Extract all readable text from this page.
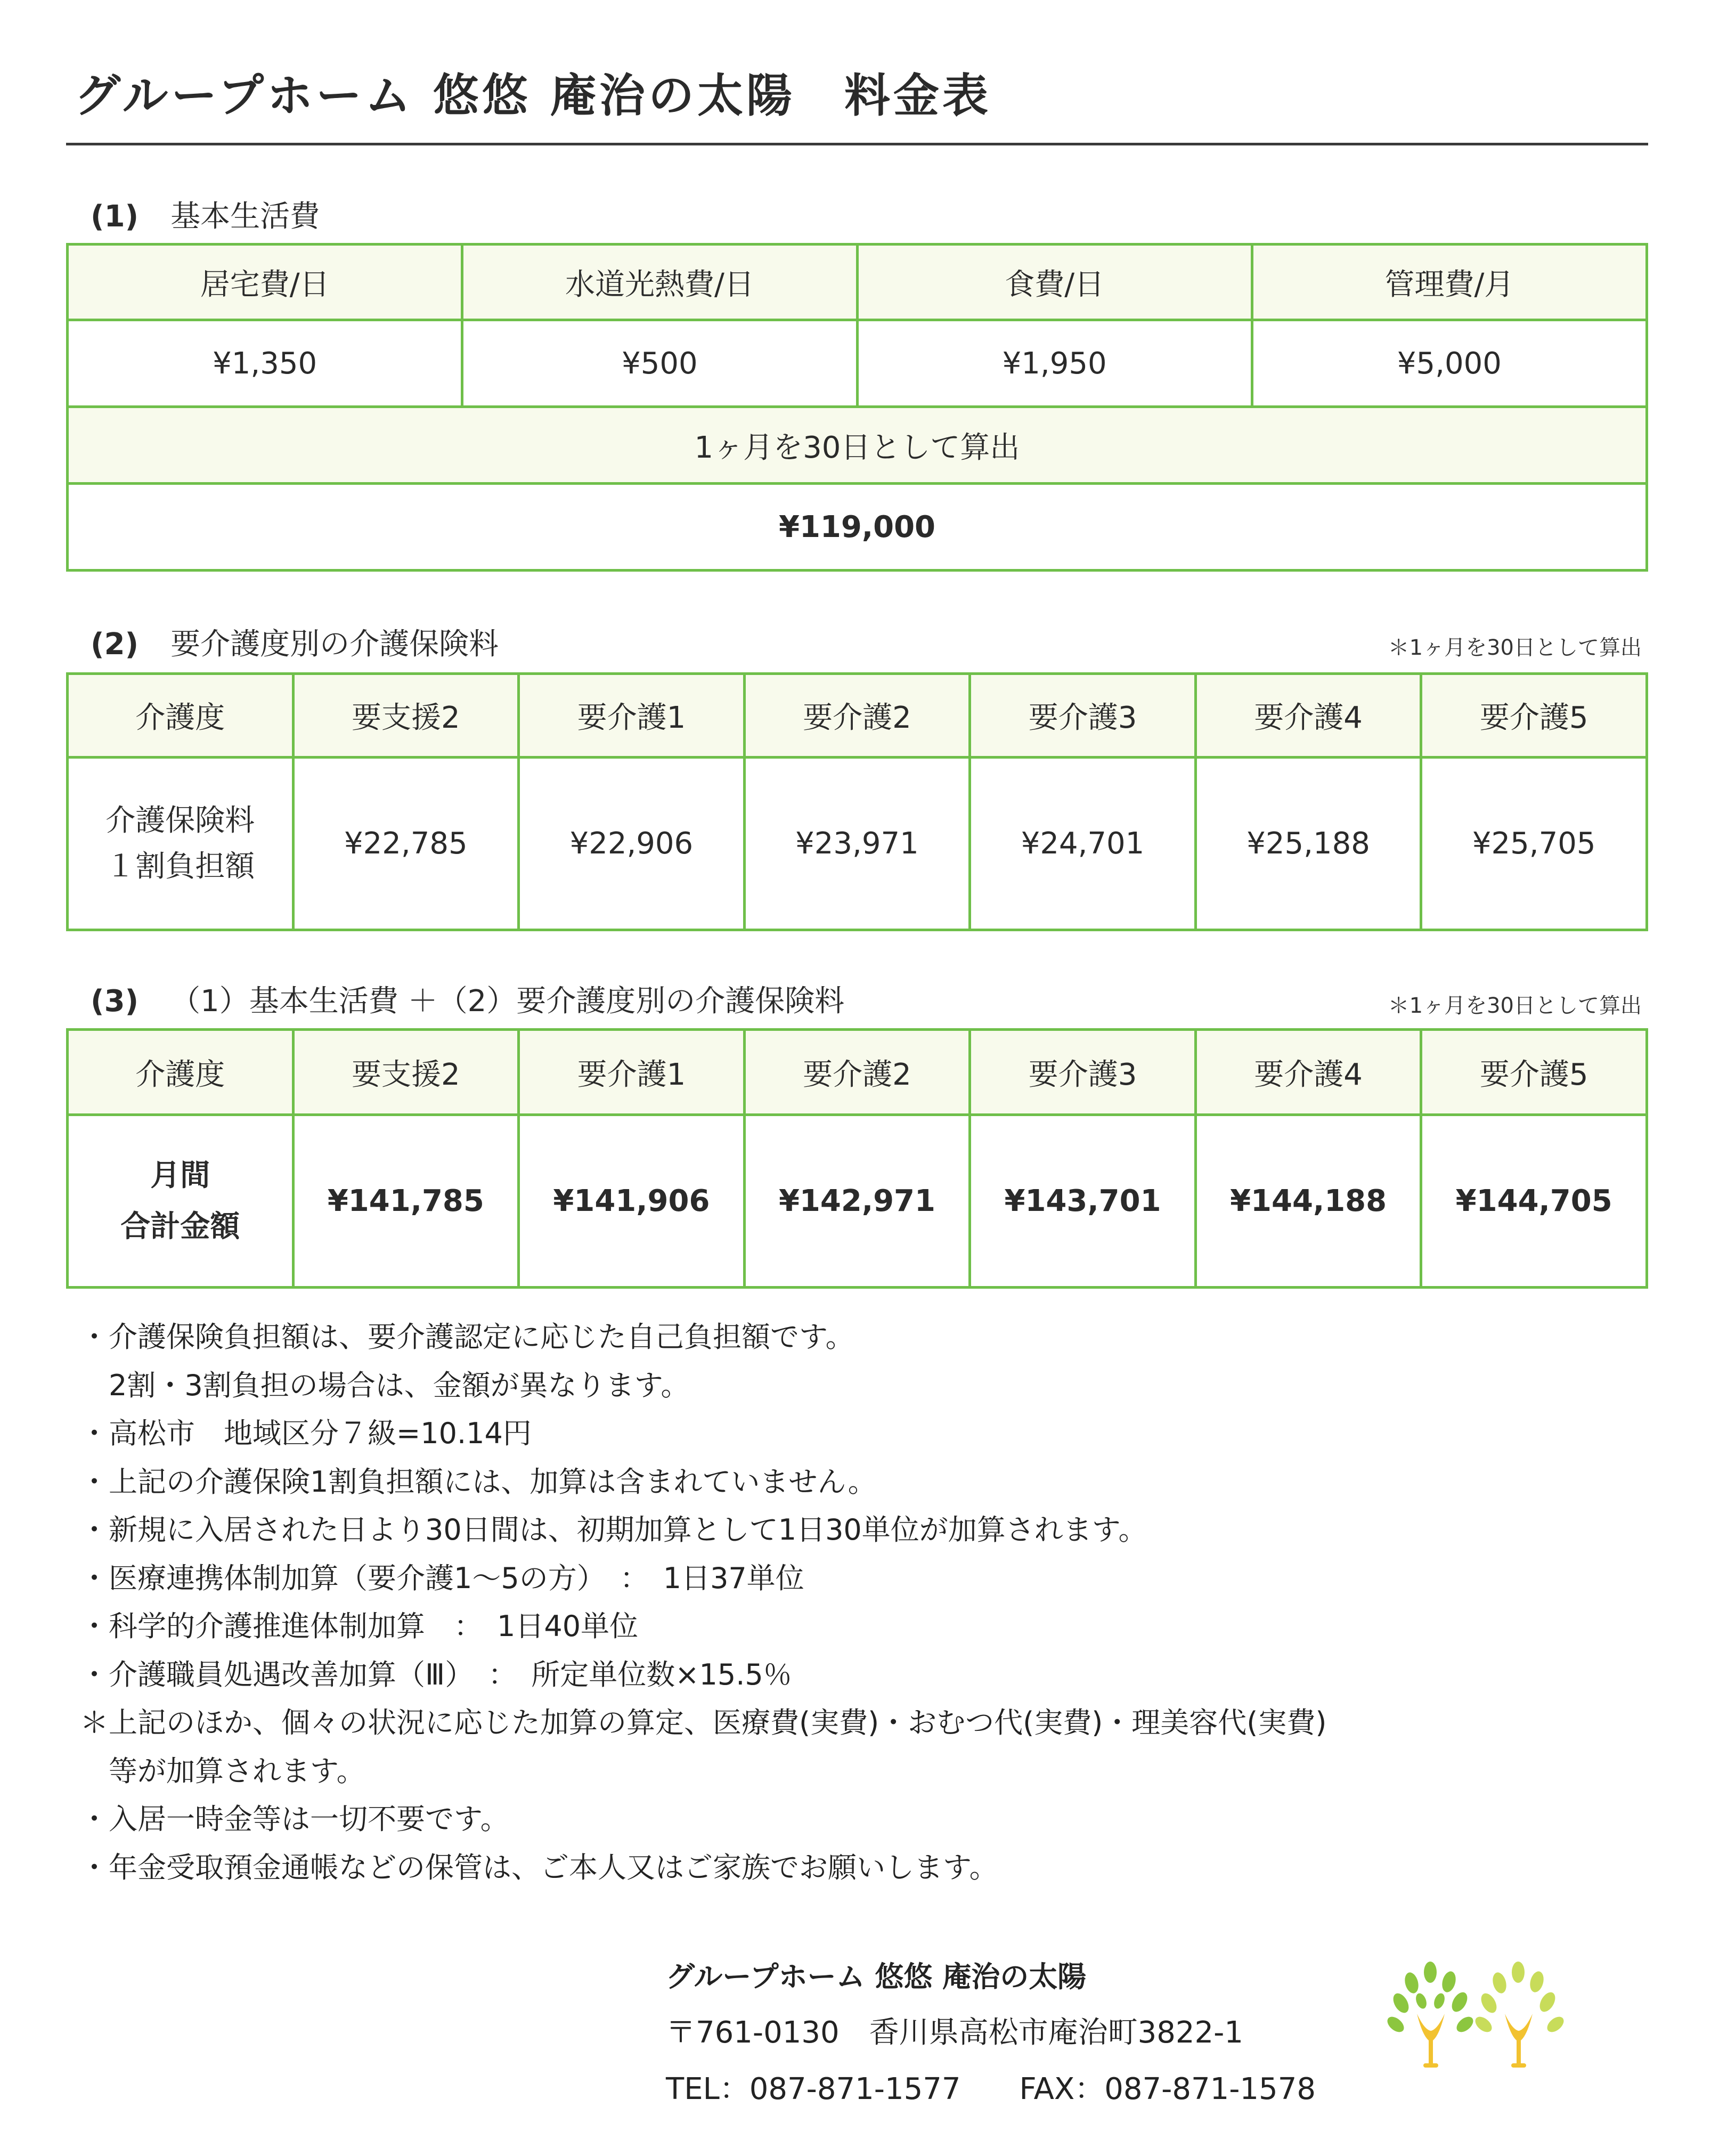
グループホーム 悠悠 庵治の太陽　料金表
(1) 基本生活費
居宅費/日	水道光熱費/日	食費/日	管理費/月
¥1,350	¥500	¥1,950	¥5,000
1ヶ月を30日として算出			
¥119,000			
(2) 要介護度別の介護保険料	＊1ヶ月を30日として算出
介護度	要支援2	要介護1	要介護2	要介護3	要介護4	要介護5

介護保険料
１割負担額	¥22,785	¥22,906	¥23,971	¥24,701	¥25,188	¥25,705
(3) （1）基本生活費 ＋（2）要介護度別の介護保険料	＊1ヶ月を30日として算出
介護度	要支援2	要介護1	要介護2	要介護3	要介護4	要介護5

月間
合計金額	¥141,785	¥141,906	¥142,971	¥143,701	¥144,188	¥144,705
・介護保険負担額は、要介護認定に応じた自己負担額です。
　2割・3割負担の場合は、金額が異なります。
・高松市　地域区分７級=10.14円
・上記の介護保険1割負担額には、加算は含まれていません。
・新規に入居された日より30日間は、初期加算として1日30単位が加算されます。
・医療連携体制加算（要介護1～5の方）　：　1日37単位
・科学的介護推進体制加算　：　1日40単位
・介護職員処遇改善加算（Ⅲ）　：　所定単位数×15.5％
＊上記のほか、個々の状況に応じた加算の算定、医療費(実費)・おむつ代(実費)・理美容代(実費)
　等が加算されます。
・入居一時金等は一切不要です。
・年金受取預金通帳などの保管は、ご本人又はご家族でお願いします。
グループホーム 悠悠 庵治の太陽
〒761-0130　香川県高松市庵治町3822-1
TEL：087-871-1577 FAX：087-871-1578
